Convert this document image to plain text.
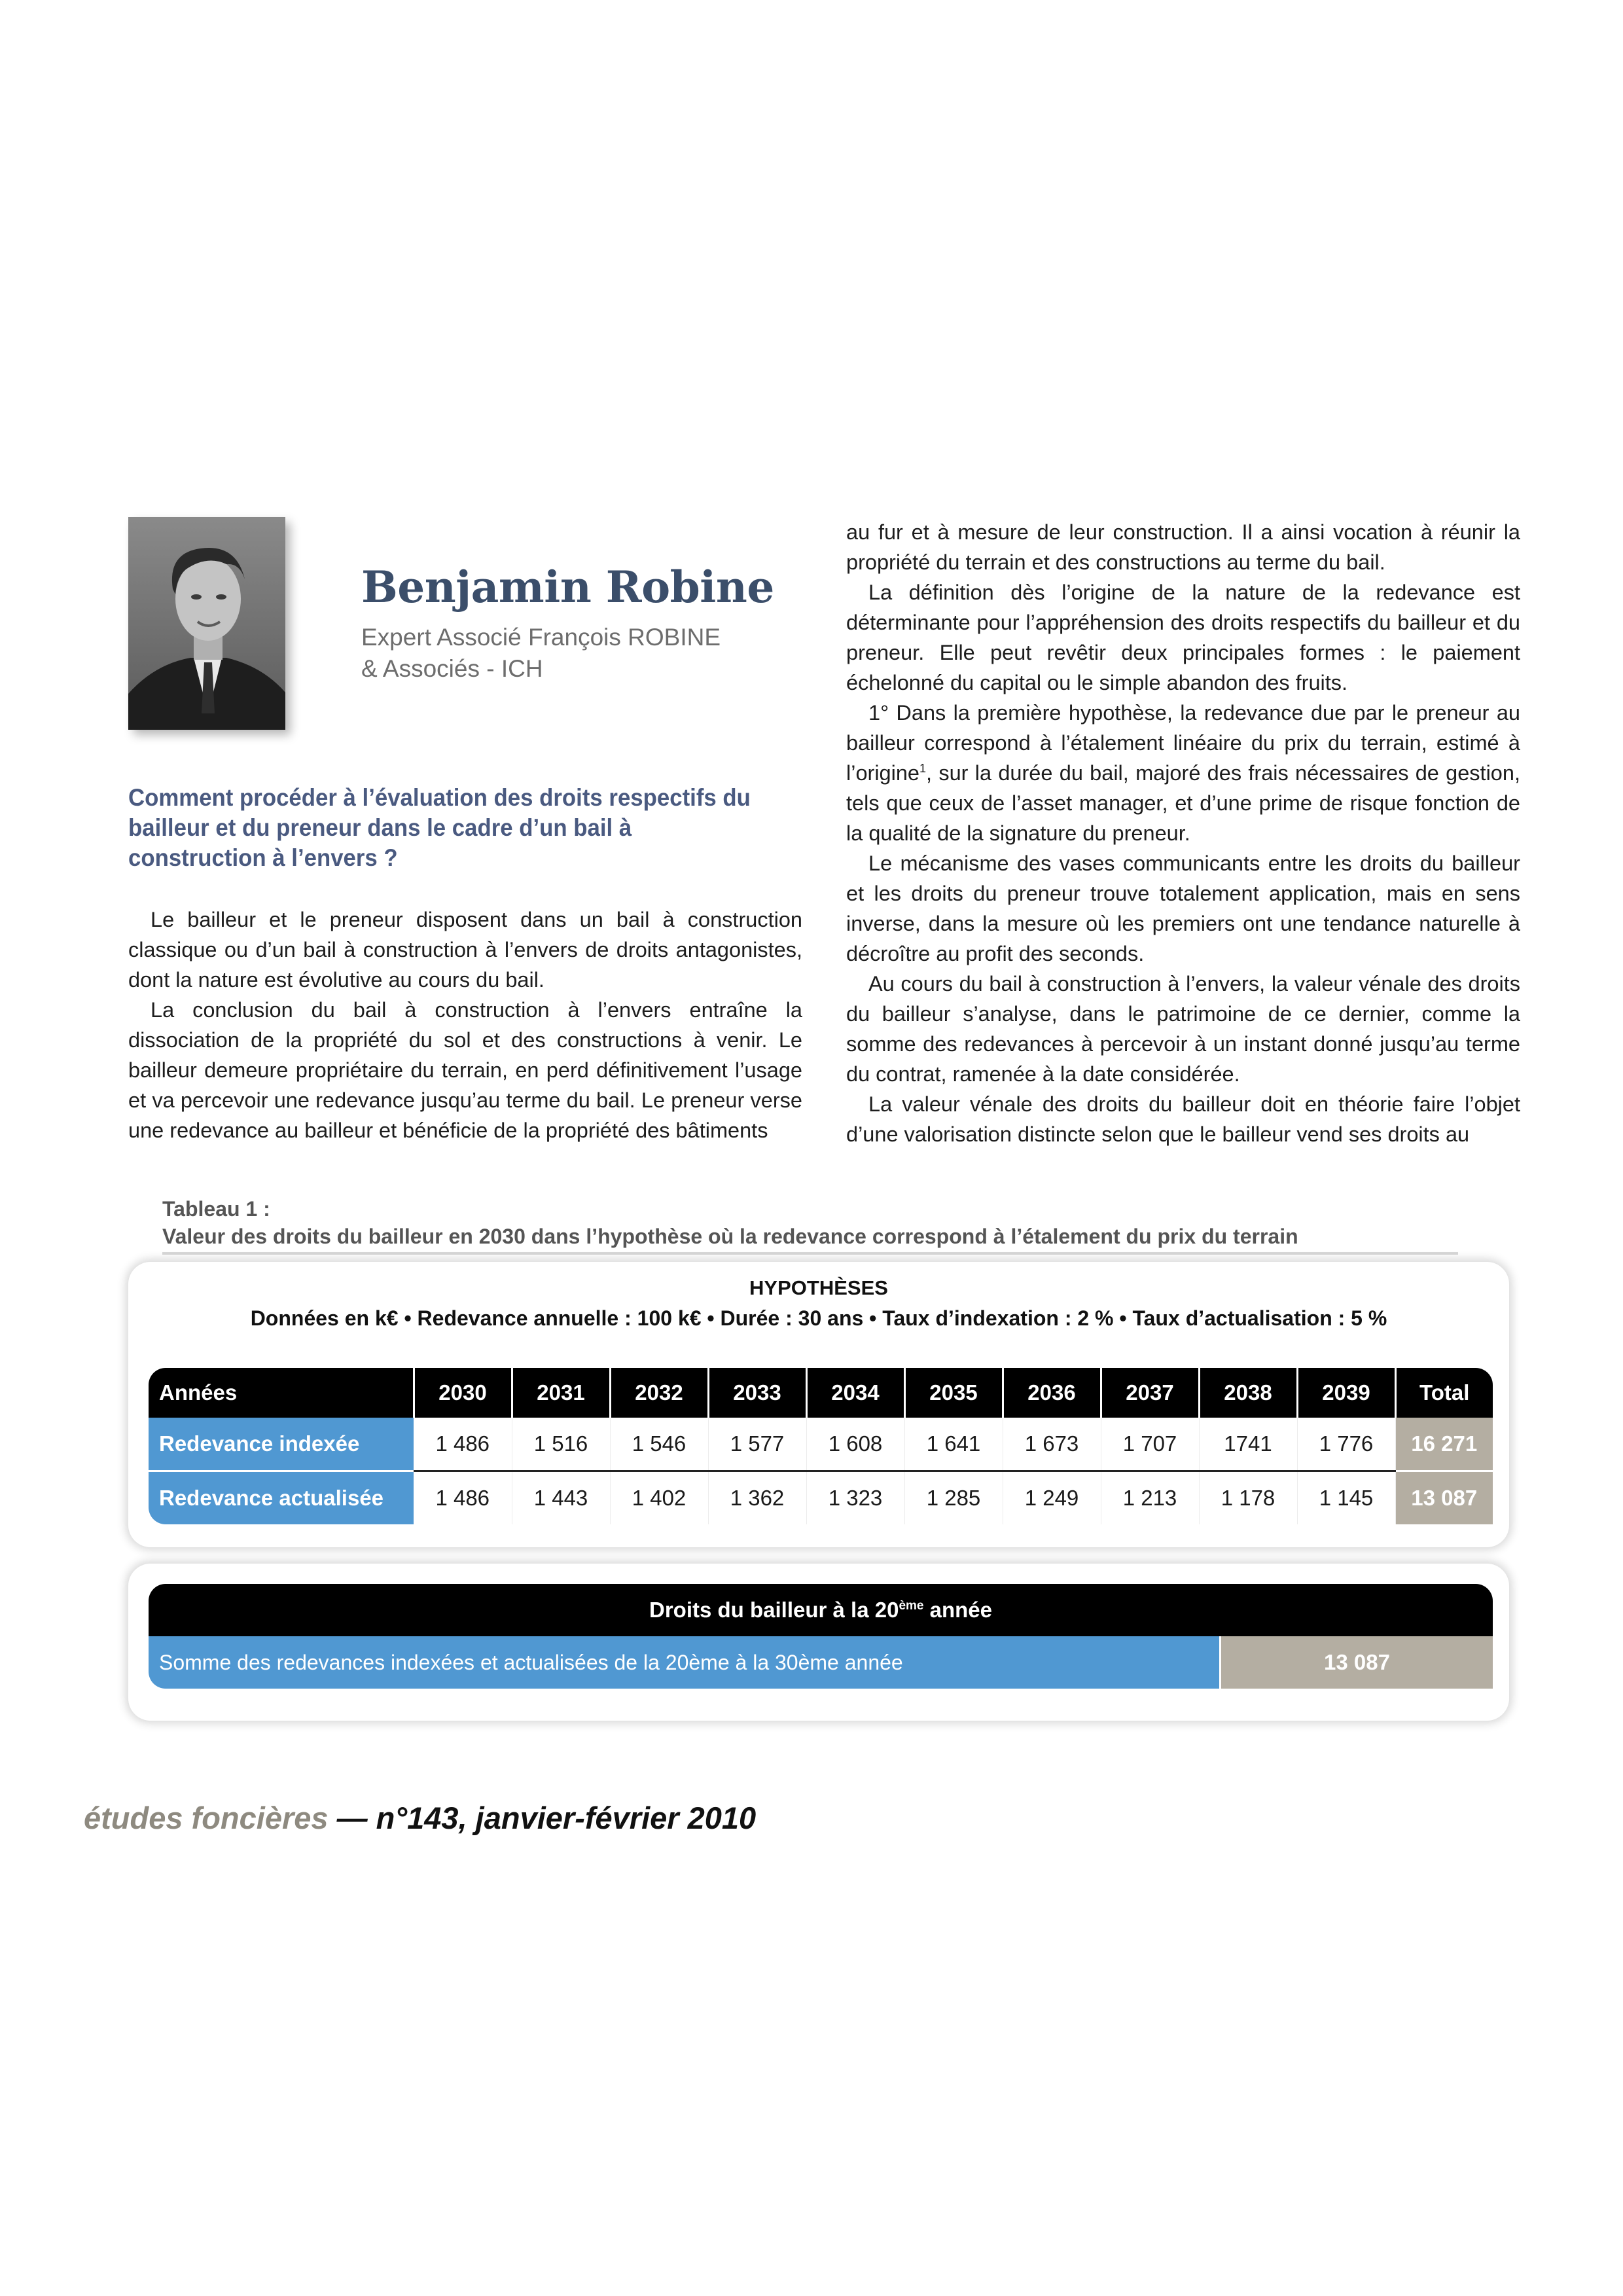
Benjamin Robine
Expert Associé François ROBINE
& Associés - ICH
Comment procéder à l’évaluation des droits respectifs du bailleur et du preneur dans le cadre d’un bail à construction à l’envers ?

Le bailleur et le preneur disposent dans un bail à construction classique ou d’un bail à construction à l’envers de droits antagonistes, dont la nature est évolutive au cours du bail.

La conclusion du bail à construction à l’envers entraîne la dissociation de la propriété du sol et des constructions à venir. Le bailleur demeure propriétaire du terrain, en perd définitivement l’usage et va percevoir une redevance jusqu’au terme du bail. Le preneur verse une redevance au bailleur et bénéficie de la propriété des bâtiments

au fur et à mesure de leur construction. Il a ainsi vocation à réunir la propriété du terrain et des constructions au terme du bail.

La définition dès l’origine de la nature de la redevance est déterminante pour l’appréhension des droits respectifs du bailleur et du preneur. Elle peut revêtir deux principales formes : le paiement échelonné du capital ou le simple abandon des fruits.

1° Dans la première hypothèse, la redevance due par le preneur au bailleur correspond à l’étalement linéaire du prix du terrain, estimé à l’origine$^1$, sur la durée du bail, majoré des frais nécessaires de gestion, tels que ceux de l’asset manager, et d’une prime de risque fonction de la qualité de la signature du preneur.

Le mécanisme des vases communicants entre les droits du bailleur et les droits du preneur trouve totalement application, mais en sens inverse, dans la mesure où les premiers ont une tendance naturelle à décroître au profit des seconds.

Au cours du bail à construction à l’envers, la valeur vénale des droits du bailleur s’analyse, dans le patrimoine de ce dernier, comme la somme des redevances à percevoir à un instant donné jusqu’au terme du contrat, ramenée à la date considérée.

La valeur vénale des droits du bailleur doit en théorie faire l’objet d’une valorisation distincte selon que le bailleur vend ses droits au

Tableau 1 :
Valeur des droits du bailleur en 2030 dans l’hypothèse où la redevance correspond à l’étalement du prix du terrain
HYPOTHÈSES
Données en k€ • Redevance annuelle : 100 k€ • Durée : 30 ans • Taux d’indexation : 2 % • Taux d’actualisation : 5 %
Années	2030	2031	2032	2033	2034	2035	2036	2037	2038	2039	Total
Redevance indexée	1 486	1 516	1 546	1 577	1 608	1 641	1 673	1 707	1741	1 776	16 271
Redevance actualisée	1 486	1 443	1 402	1 362	1 323	1 285	1 249	1 213	1 178	1 145	13 087
Droits du bailleur à la 20ème année
Somme des redevances indexées et actualisées de la 20ème à la 30ème année	13 087
études foncières — n°143, janvier-février 2010
